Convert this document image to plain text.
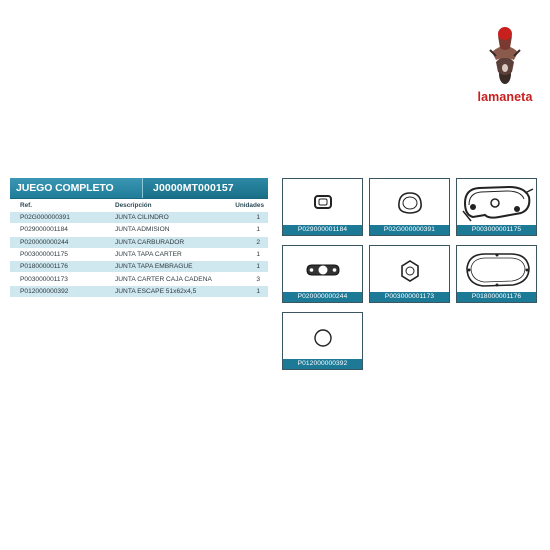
lamaneta
JUEGO COMPLETO	J0000MT000157
Ref.	Descripción	Unidades
P02G000000391	JUNTA CILINDRO	1
P029000001184	JUNTA ADMISION	1
P020000000244	JUNTA CARBURADOR	2
P003000001175	JUNTA TAPA CARTER	1
P018000001176	JUNTA TAPA EMBRAGUE	1
P003000001173	JUNTA CARTER CAJA CADENA	3
P012000000392	JUNTA ESCAPE 51x62x4,5	1
P029000001184	P02G000000391	P003000001175
P020000000244	P003000001173	P018000001176
P012000000392
